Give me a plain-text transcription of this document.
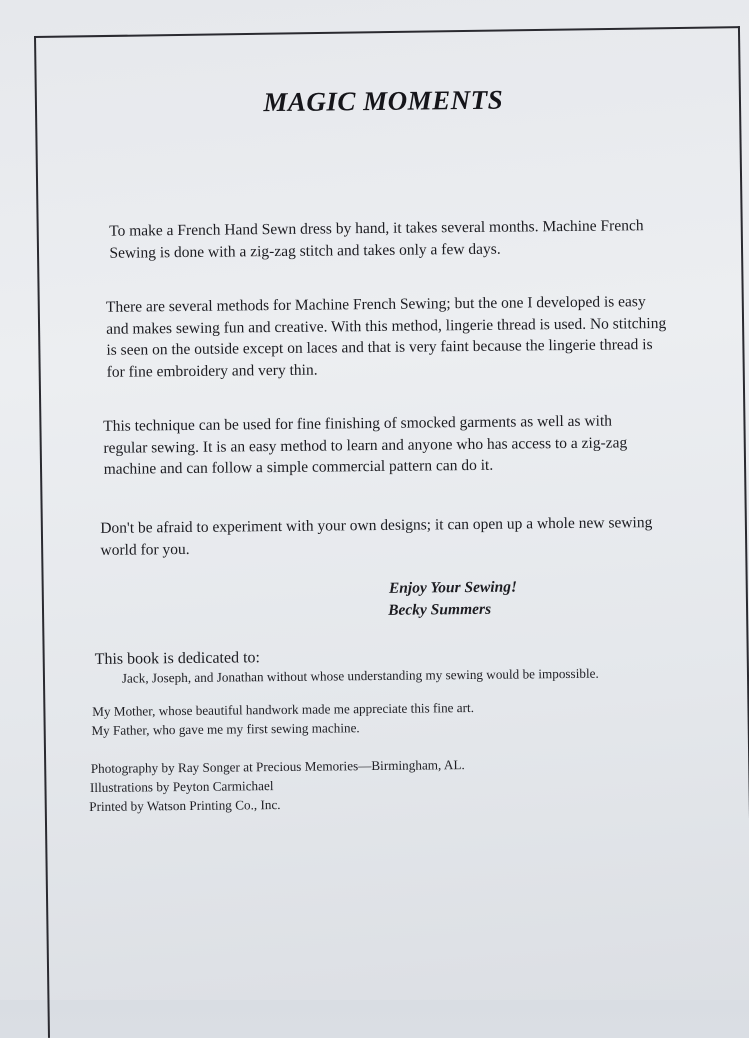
MAGIC MOMENTS

To make a French Hand Sewn dress by hand, it takes several months. Machine French Sewing is done with a zig-zag stitch and takes only a few days.

There are several methods for Machine French Sewing; but the one I developed is easy and makes sewing fun and creative. With this method, lingerie thread is used. No stitching is seen on the outside except on laces and that is very faint because the lingerie thread is for fine embroidery and very thin.

This technique can be used for fine finishing of smocked garments as well as with regular sewing. It is an easy method to learn and anyone who has access to a zig-zag machine and can follow a simple commercial pattern can do it.

Don't be afraid to experiment with your own designs; it can open up a whole new sewing world for you.

Enjoy Your Sewing!
Becky Summers
This book is dedicated to:
Jack, Joseph, and Jonathan without whose understanding my sewing would be impossible.
My Mother, whose beautiful handwork made me appreciate this fine art.
My Father, who gave me my first sewing machine.
Photography by Ray Songer at Precious Memories—Birmingham, AL.
Illustrations by Peyton Carmichael
Printed by Watson Printing Co., Inc.
